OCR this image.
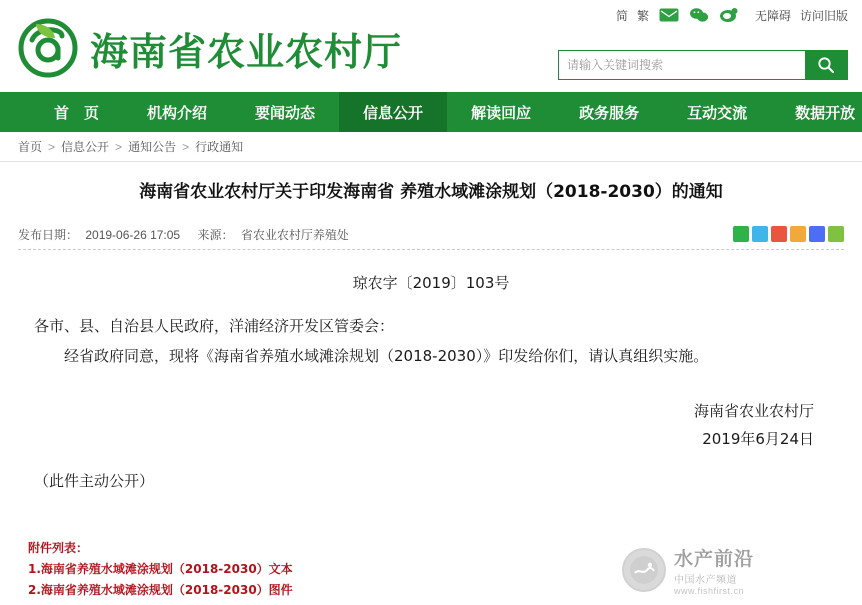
简 繁	无障碍 访问旧版
海南省农业农村厅
请输入关键词搜索
首　页	机构介绍	要闻动态	信息公开	解读回应	政务服务	互动交流	数据开放
首页 > 信息公开 > 通知公告 > 行政通知
海南省农业农村厅关于印发海南省 养殖水域滩涂规划（2018-2030）的通知
发布日期： 2019-06-26 17:05 来源： 省农业农村厅养殖处
琼农字〔2019〕103号
各市、县、自治县人民政府，洋浦经济开发区管委会：
经省政府同意，现将《海南省养殖水域滩涂规划（2018-2030）》印发给你们，请认真组织实施。
海南省农业农村厅
2019年6月24日
（此件主动公开）
附件列表：
1.海南省养殖水域滩涂规划（2018-2030）文本
2.海南省养殖水域滩涂规划（2018-2030）图件
水产前沿
中国水产频道
www.fishfirst.cn
